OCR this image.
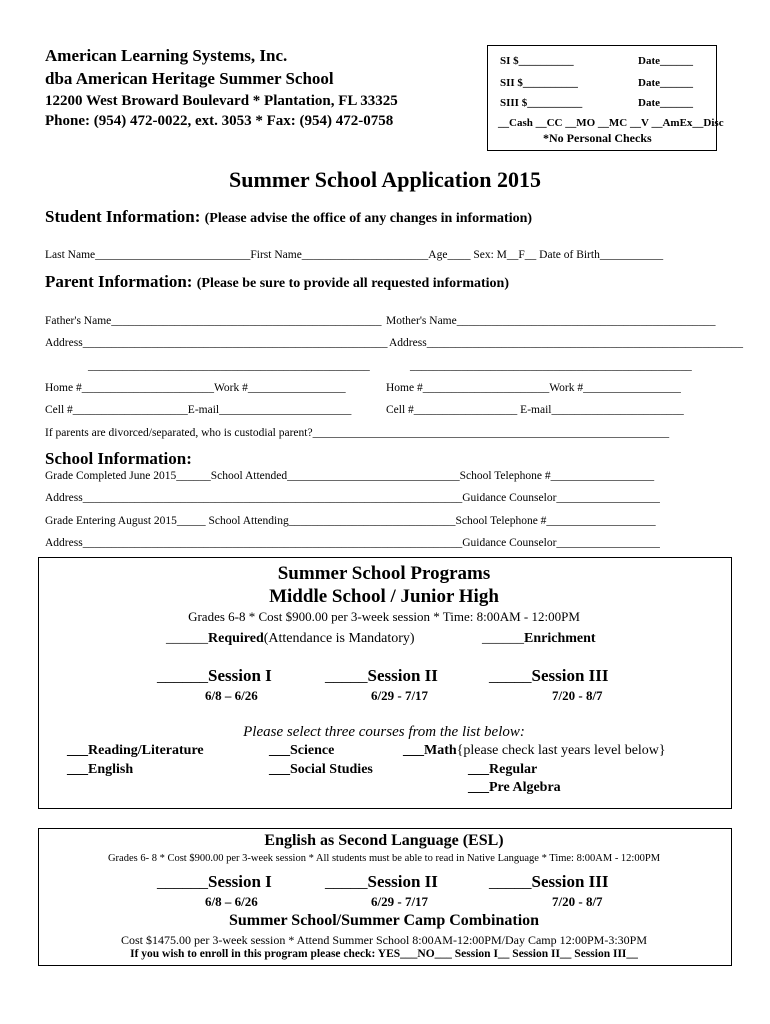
American Learning Systems, Inc.
dba American Heritage Summer School
12200 West Broward Boulevard * Plantation, FL 33325
Phone: (954) 472-0022, ext. 3053 * Fax: (954) 472-0758
SI $__________	Date______
SII $__________	Date______
SIII $__________	Date______
__Cash __CC __MO __MC __V __AmEx__Disc
*No Personal Checks
Summer School Application 2015
Student Information: (Please advise the office of any changes in information)
Last Name___________________________First Name______________________Age____ Sex: M__F__ Date of Birth___________
Parent Information: (Please be sure to provide all requested information)
Father's Name_______________________________________________ Mother's Name_____________________________________________
Address_____________________________________________________ Address_______________________________________________________
_________________________________________________	_________________________________________________
Home #_______________________Work #_________________	Home #______________________Work #_________________
Cell #____________________E-mail_______________________	Cell #__________________ E-mail_______________________
If parents are divorced/separated, who is custodial parent?______________________________________________________________
School Information:
Grade Completed June 2015______School Attended______________________________School Telephone #__________________
Address__________________________________________________________________Guidance Counselor__________________
Grade Entering August 2015_____ School Attending_____________________________School Telephone #___________________
Address__________________________________________________________________Guidance Counselor__________________
Summer School Programs
Middle School / Junior High
Grades 6-8 * Cost $900.00 per 3-week session * Time: 8:00AM - 12:00PM
______Required(Attendance is Mandatory)	______Enrichment
______Session I
6/8 – 6/26
_____Session II
6/29 - 7/17
_____Session III
7/20 - 8/7
Please select three courses from the list below:
___Reading/Literature
___English
___Science
___Social Studies
___Math{please check last years level below}
___Regular
___Pre Algebra
English as Second Language (ESL)
Grades 6- 8 * Cost $900.00 per 3-week session * All students must be able to read in Native Language * Time: 8:00AM - 12:00PM
______Session I
6/8 – 6/26
_____Session II
6/29 - 7/17
_____Session III
7/20 - 8/7
Summer School/Summer Camp Combination
Cost $1475.00 per 3-week session * Attend Summer School 8:00AM-12:00PM/Day Camp 12:00PM-3:30PM
If you wish to enroll in this program please check: YES___NO___ Session I__ Session II__ Session III__
